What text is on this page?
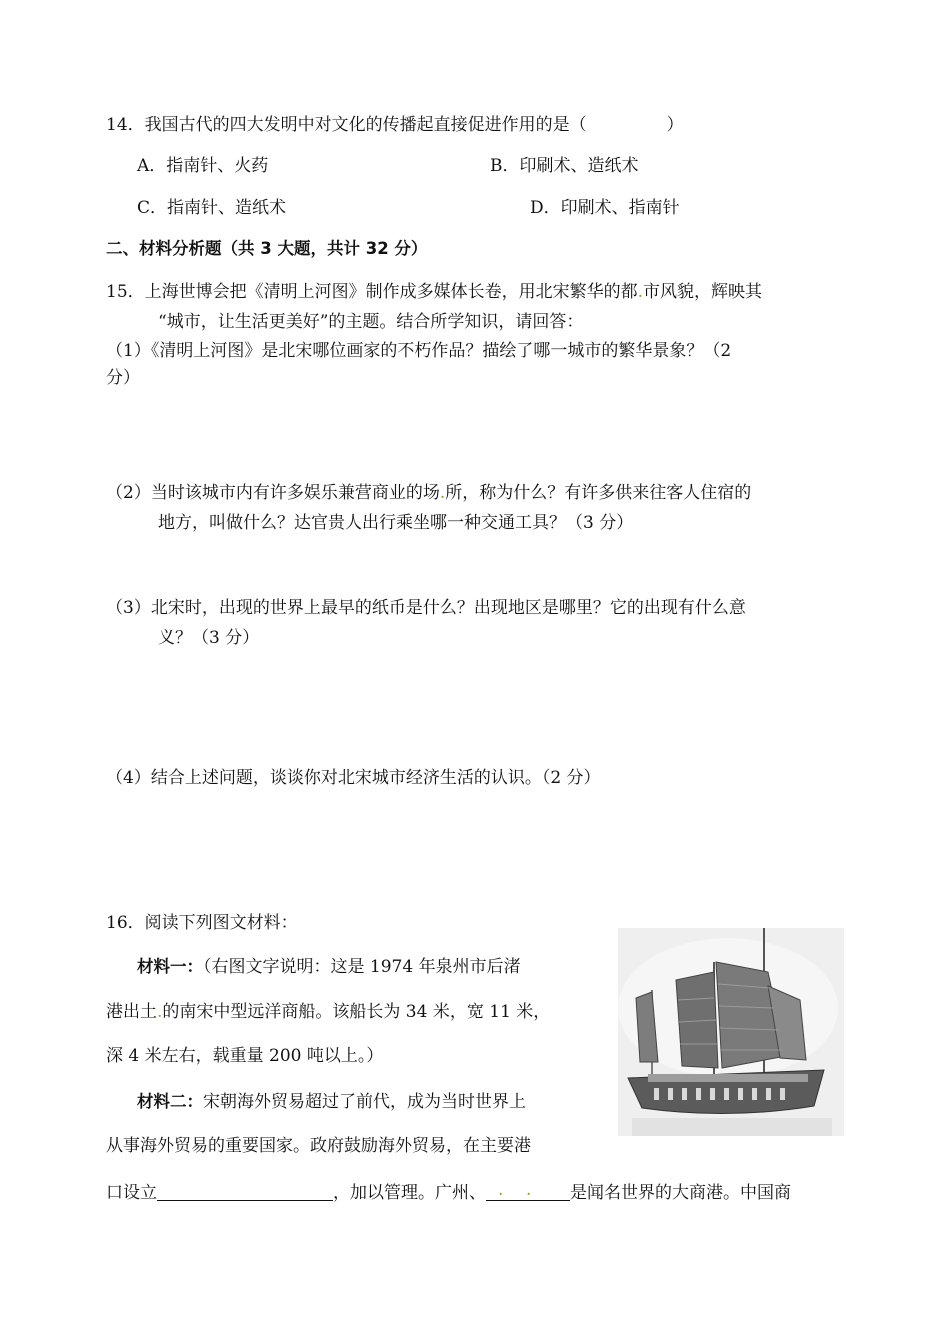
14．我国古代的四大发明中对文化的传播起直接促进作用的是（	）
A．指南针、火药	B．印刷术、造纸术
C．指南针、造纸术	D．印刷术、指南针
二、材料分析题（共 3 大题，共计 32 分）
15．上海世博会把《清明上河图》制作成多媒体长卷，用北宋繁华的都.市风貌，辉映其
“城市，让生活更美好”的主题。结合所学知识，请回答：
（1）《清明上河图》是北宋哪位画家的不朽作品？描绘了哪一城市的繁华景象？（2
分）
（2）当时该城市内有许多娱乐兼营商业的场.所，称为什么？有许多供来往客人住宿的
地方，叫做什么？达官贵人出行乘坐哪一种交通工具？（3 分）
（3）北宋时，出现的世界上最早的纸币是什么？出现地区是哪里？它的出现有什么意
义？（3 分）
（4）结合上述问题，谈谈你对北宋城市经济生活的认识。（2 分）
16．阅读下列图文材料：
材料一：（右图文字说明：这是 1974 年泉州市后渚
港出土.的南宋中型远洋商船。该船长为 34 米，宽 11 米，
深 4 米左右，载重量 200 吨以上。）
材料二：宋朝海外贸易超过了前代，成为当时世界上
从事海外贸易的重要国家。政府鼓励海外贸易，在主要港
口设立	，加以管理。广州、 . . 是闻名世界的大商港。中国商
